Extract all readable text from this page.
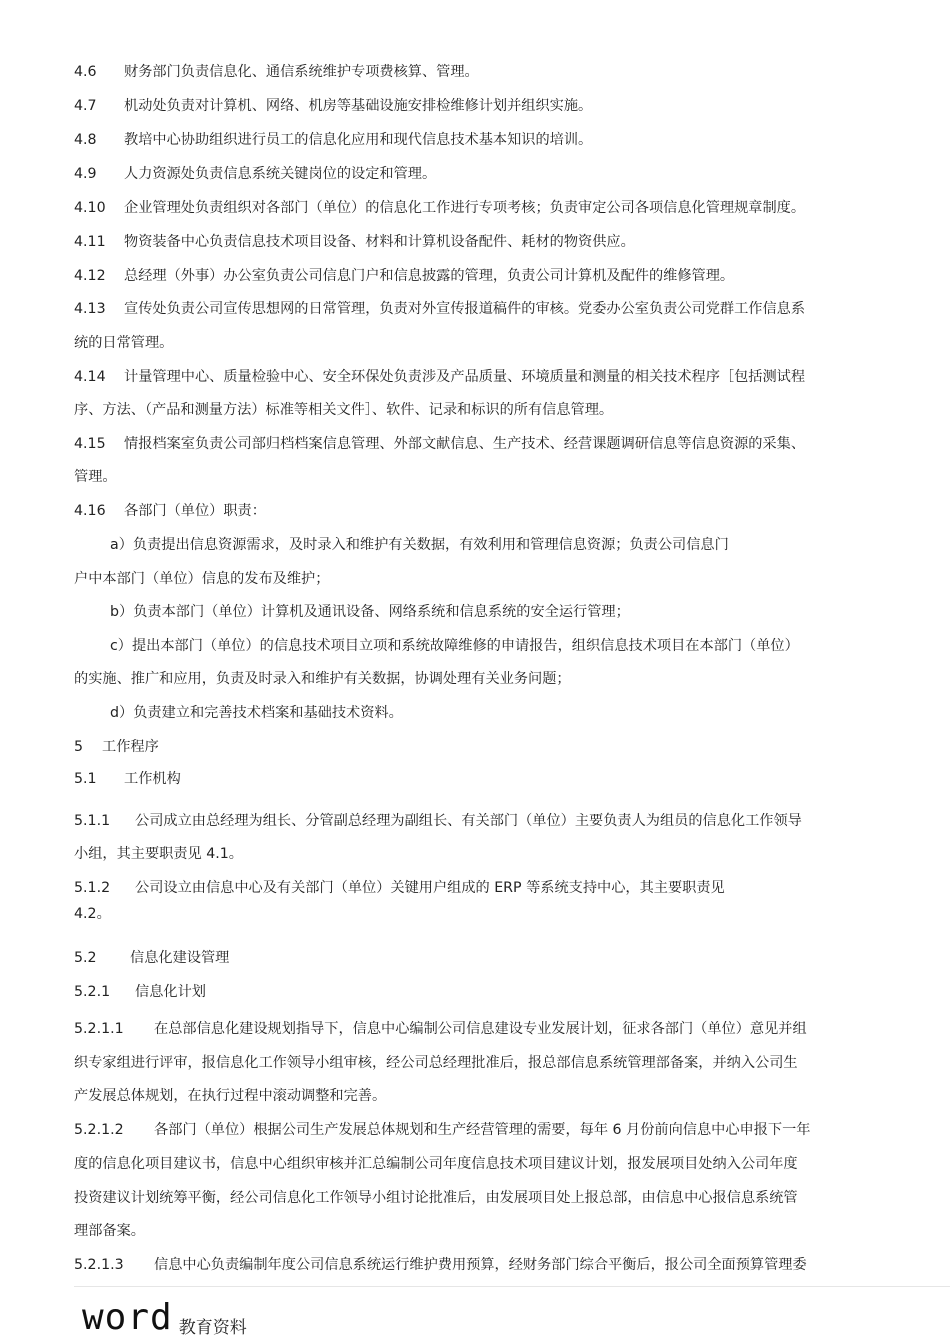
4.6 财务部门负责信息化、通信系统维护专项费核算、管理。
4.7 机动处负责对计算机、网络、机房等基础设施安排检维修计划并组织实施。
4.8 教培中心协助组织进行员工的信息化应用和现代信息技术基本知识的培训。
4.9 人力资源处负责信息系统关键岗位的设定和管理。
4.10 企业管理处负责组织对各部门（单位）的信息化工作进行专项考核；负责审定公司各项信息化管理规章制度。
4.11 物资装备中心负责信息技术项目设备、材料和计算机设备配件、耗材的物资供应。
4.12 总经理（外事）办公室负责公司信息门户和信息披露的管理，负责公司计算机及配件的维修管理。
4.13 宣传处负责公司宣传思想网的日常管理，负责对外宣传报道稿件的审核。党委办公室负责公司党群工作信息系
统的日常管理。
4.14 计量管理中心、质量检验中心、安全环保处负责涉及产品质量、环境质量和测量的相关技术程序［包括测试程
序、方法、（产品和测量方法）标准等相关文件］、软件、记录和标识的所有信息管理。
4.15 情报档案室负责公司部归档档案信息管理、外部文献信息、生产技术、经营课题调研信息等信息资源的采集、
管理。
4.16 各部门（单位）职责：
a）负责提出信息资源需求，及时录入和维护有关数据，有效利用和管理信息资源；负责公司信息门
户中本部门（单位）信息的发布及维护；
b）负责本部门（单位）计算机及通讯设备、网络系统和信息系统的安全运行管理；
c）提出本部门（单位）的信息技术项目立项和系统故障维修的申请报告，组织信息技术项目在本部门（单位）
的实施、推广和应用，负责及时录入和维护有关数据，协调处理有关业务问题；
d）负责建立和完善技术档案和基础技术资料。
5 工作程序
5.1 工作机构
5.1.1 公司成立由总经理为组长、分管副总经理为副组长、有关部门（单位）主要负责人为组员的信息化工作领导
小组，其主要职责见 4.1。
5.1.2 公司设立由信息中心及有关部门（单位）关键用户组成的 ERP 等系统支持中心，其主要职责见
4.2。
5.2 信息化建设管理
5.2.1 信息化计划
5.2.1.1 在总部信息化建设规划指导下，信息中心编制公司信息建设专业发展计划，征求各部门（单位）意见并组
织专家组进行评审，报信息化工作领导小组审核，经公司总经理批准后，报总部信息系统管理部备案，并纳入公司生
产发展总体规划，在执行过程中滚动调整和完善。
5.2.1.2 各部门（单位）根据公司生产发展总体规划和生产经营管理的需要，每年 6 月份前向信息中心申报下一年
度的信息化项目建议书，信息中心组织审核并汇总编制公司年度信息技术项目建议计划，报发展项目处纳入公司年度
投资建议计划统筹平衡，经公司信息化工作领导小组讨论批准后，由发展项目处上报总部，由信息中心报信息系统管
理部备案。
5.2.1.3 信息中心负责编制年度公司信息系统运行维护费用预算，经财务部门综合平衡后，报公司全面预算管理委
word 教育资料
